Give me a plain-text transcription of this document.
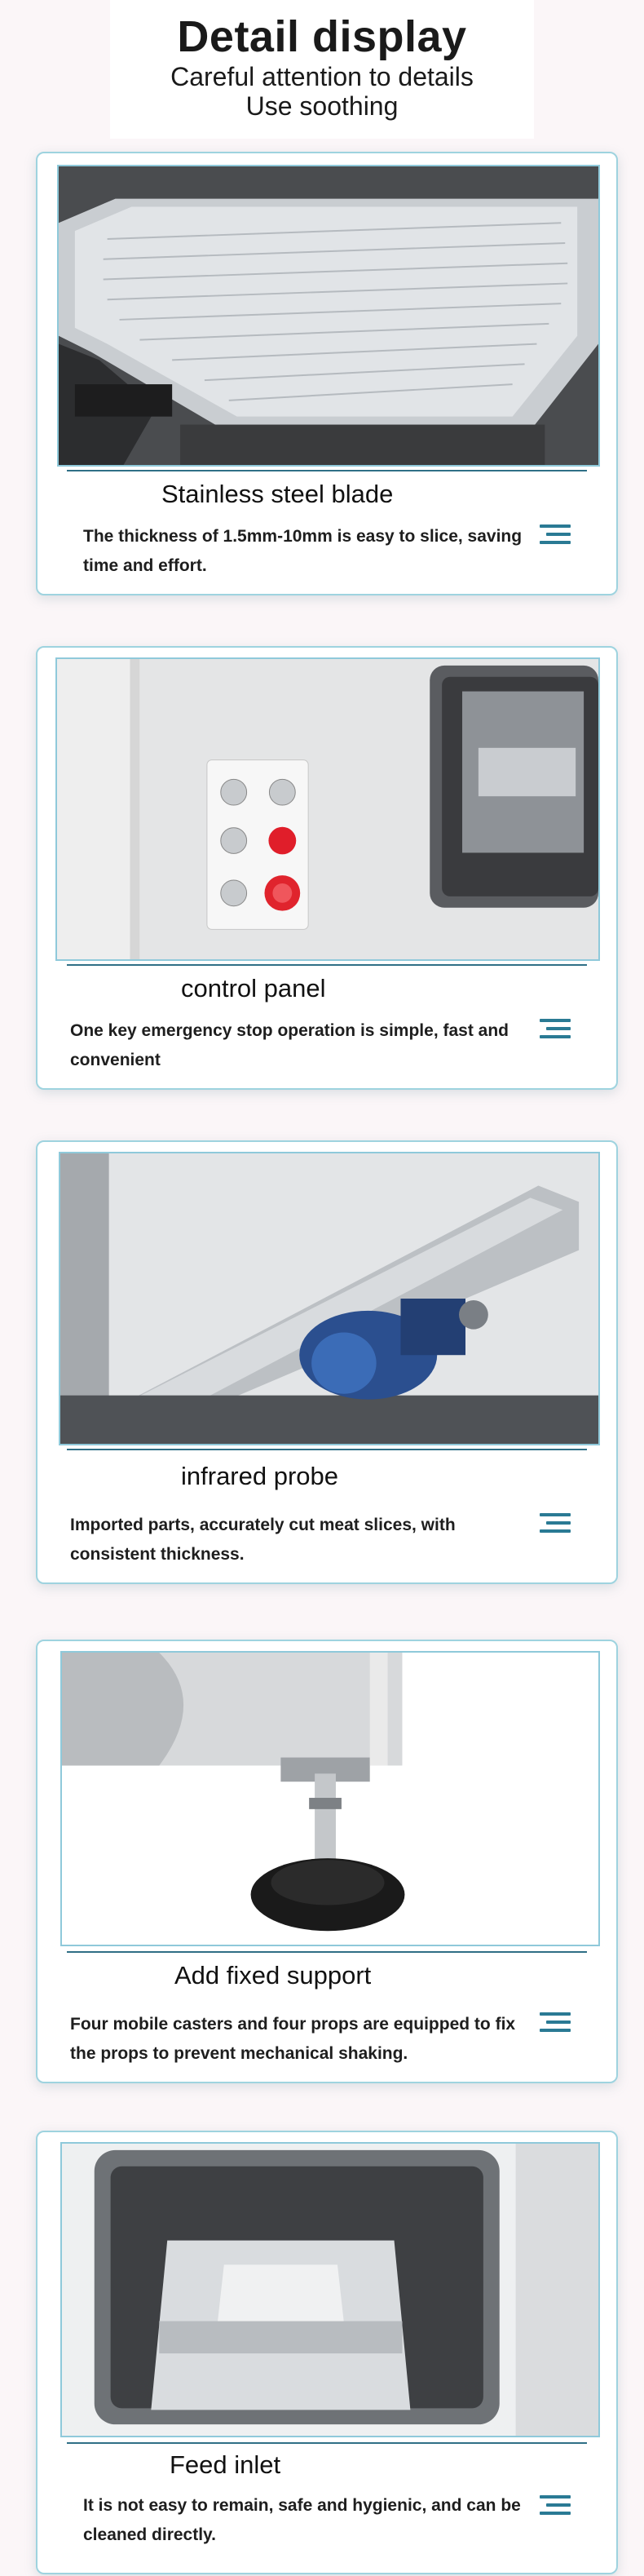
Detail display
Careful attention to details
Use soothing
Stainless steel blade
The thickness of 1.5mm-10mm is easy to slice, saving time and effort.
control panel
One key emergency stop operation is simple, fast and convenient
infrared probe
Imported parts, accurately cut meat slices, with consistent thickness.
Add fixed support
Four mobile casters and four props are equipped to fix the props to prevent mechanical shaking.
Feed inlet
It is not easy to remain, safe and hygienic, and can be cleaned directly.
